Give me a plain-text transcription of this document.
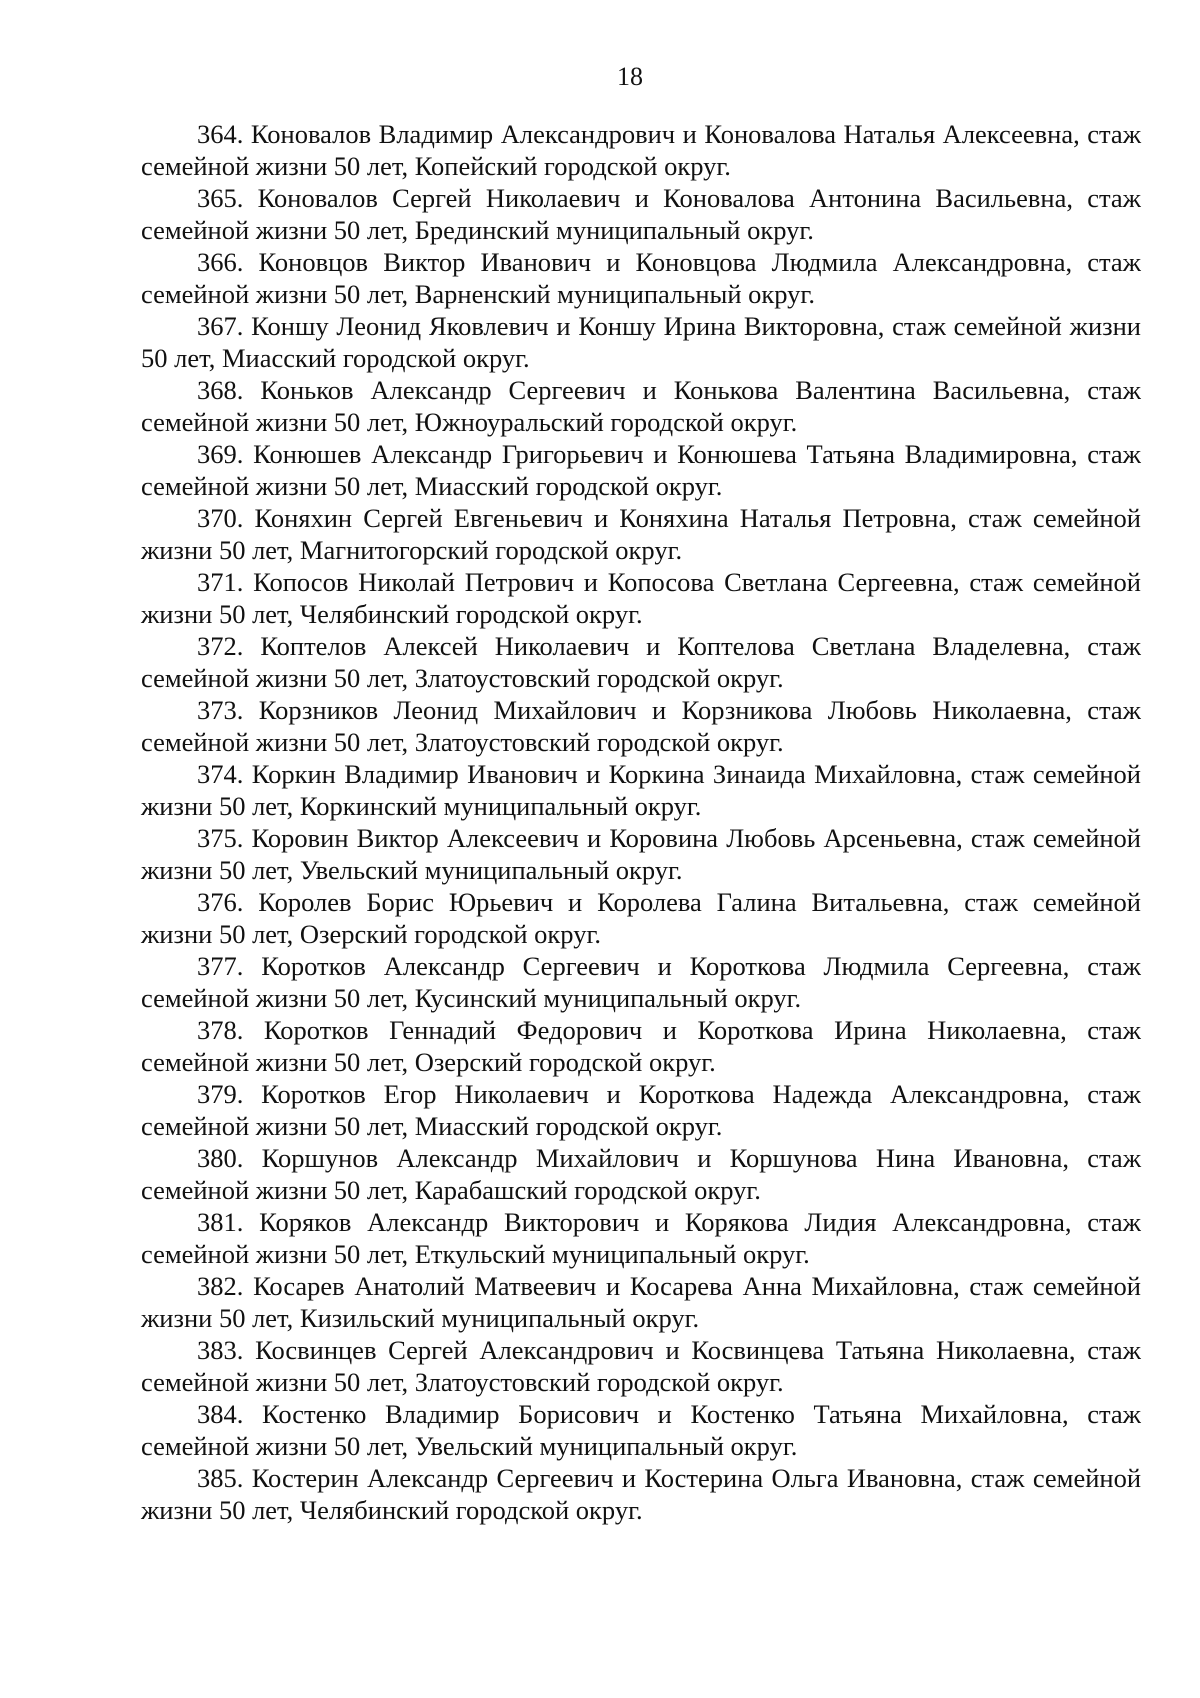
18

364. Коновалов Владимир Александрович и Коновалова Наталья Алексеевна, стаж семейной жизни 50 лет, Копейский городской округ.

365. Коновалов Сергей Николаевич и Коновалова Антонина Васильевна, стаж семейной жизни 50 лет, Брединский муниципальный округ.

366. Коновцов Виктор Иванович и Коновцова Людмила Александровна, стаж семейной жизни 50 лет, Варненский муниципальный округ.

367. Коншу Леонид Яковлевич и Коншу Ирина Викторовна, стаж семейной жизни 50 лет, Миасский городской округ.

368. Коньков Александр Сергеевич и Конькова Валентина Васильевна, стаж семейной жизни 50 лет, Южноуральский городской округ.

369. Конюшев Александр Григорьевич и Конюшева Татьяна Владимировна, стаж семейной жизни 50 лет, Миасский городской округ.

370. Коняхин Сергей Евгеньевич и Коняхина Наталья Петровна, стаж семейной жизни 50 лет, Магнитогорский городской округ.

371. Копосов Николай Петрович и Копосова Светлана Сергеевна, стаж семейной жизни 50 лет, Челябинский городской округ.

372. Коптелов Алексей Николаевич и Коптелова Светлана Владелевна, стаж семейной жизни 50 лет, Златоустовский городской округ.

373. Корзников Леонид Михайлович и Корзникова Любовь Николаевна, стаж семейной жизни 50 лет, Златоустовский городской округ.

374. Коркин Владимир Иванович и Коркина Зинаида Михайловна, стаж семейной жизни 50 лет, Коркинский муниципальный округ.

375. Коровин Виктор Алексеевич и Коровина Любовь Арсеньевна, стаж семейной жизни 50 лет, Увельский муниципальный округ.

376. Королев Борис Юрьевич и Королева Галина Витальевна, стаж семейной жизни 50 лет, Озерский городской округ.

377. Коротков Александр Сергеевич и Короткова Людмила Сергеевна, стаж семейной жизни 50 лет, Кусинский муниципальный округ.

378. Коротков Геннадий Федорович и Короткова Ирина Николаевна, стаж семейной жизни 50 лет, Озерский городской округ.

379. Коротков Егор Николаевич и Короткова Надежда Александровна, стаж семейной жизни 50 лет, Миасский городской округ.

380. Коршунов Александр Михайлович и Коршунова Нина Ивановна, стаж семейной жизни 50 лет, Карабашский городской округ.

381. Коряков Александр Викторович и Корякова Лидия Александровна, стаж семейной жизни 50 лет, Еткульский муниципальный округ.

382. Косарев Анатолий Матвеевич и Косарева Анна Михайловна, стаж семейной жизни 50 лет, Кизильский муниципальный округ.

383. Косвинцев Сергей Александрович и Косвинцева Татьяна Николаевна, стаж семейной жизни 50 лет, Златоустовский городской округ.

384. Костенко Владимир Борисович и Костенко Татьяна Михайловна, стаж семейной жизни 50 лет, Увельский муниципальный округ.

385. Костерин Александр Сергеевич и Костерина Ольга Ивановна, стаж семейной жизни 50 лет, Челябинский городской округ.
